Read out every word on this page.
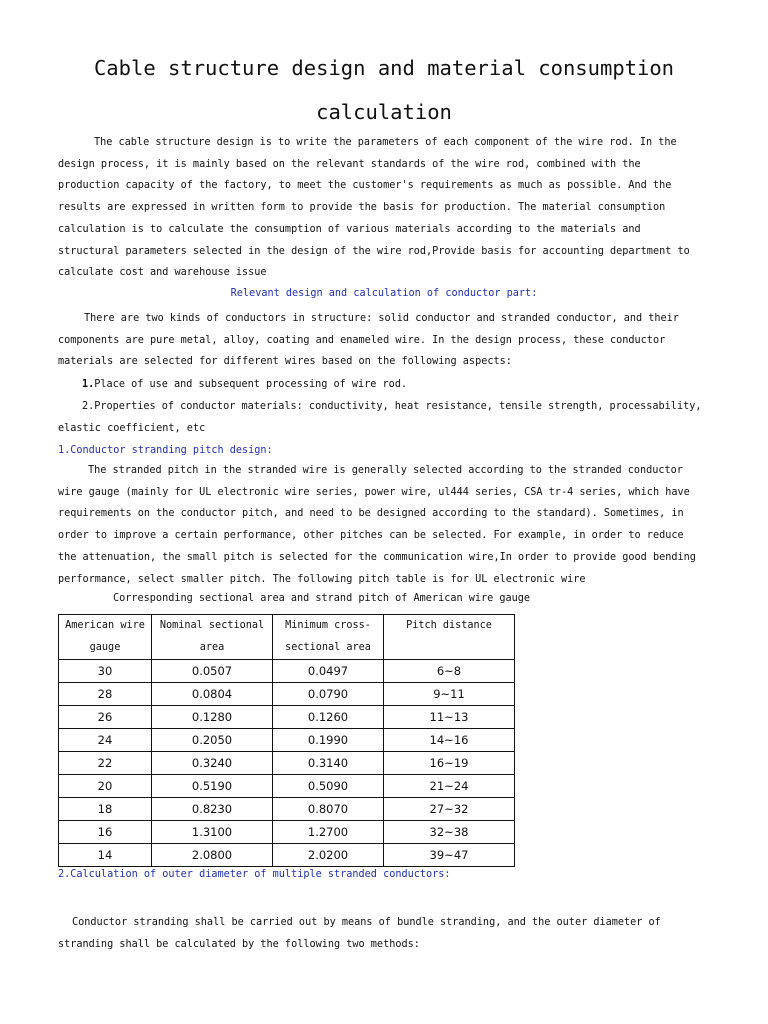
Cable structure design and material consumption
calculation

The cable structure design is to write the parameters of each component of the wire rod. In the design process, it is mainly based on the relevant standards of the wire rod, combined with the production capacity of the factory, to meet the customer's requirements as much as possible. And the results are expressed in written form to provide the basis for production. The material consumption calculation is to calculate the consumption of various materials according to the materials and structural parameters selected in the design of the wire rod,Provide basis for accounting department to calculate cost and warehouse issue

Relevant design and calculation of conductor part:

There are two kinds of conductors in structure: solid conductor and stranded conductor, and their components are pure metal, alloy, coating and enameled wire. In the design process, these conductor materials are selected for different wires based on the following aspects:

1.Place of use and subsequent processing of wire rod.

2.Properties of conductor materials: conductivity, heat resistance, tensile strength, processability, elastic coefficient, etc

1.Conductor stranding pitch design:

The stranded pitch in the stranded wire is generally selected according to the stranded conductor wire gauge (mainly for UL electronic wire series, power wire, ul444 series, CSA tr-4 series, which have requirements on the conductor pitch, and need to be designed according to the standard). Sometimes, in order to improve a certain performance, other pitches can be selected. For example, in order to reduce the attenuation, the small pitch is selected for the communication wire,In order to provide good bending performance, select smaller pitch. The following pitch table is for UL electronic wire

Corresponding sectional area and strand pitch of American wire gauge
American wire gauge	Nominal sectional area	Minimum cross-sectional area	Pitch distance
30	0.0507	0.0497	6~8
28	0.0804	0.0790	9~11
26	0.1280	0.1260	11~13
24	0.2050	0.1990	14~16
22	0.3240	0.3140	16~19
20	0.5190	0.5090	21~24
18	0.8230	0.8070	27~32
16	1.3100	1.2700	32~38
14	2.0800	2.0200	39~47
2.Calculation of outer diameter of multiple stranded conductors:

Conductor stranding shall be carried out by means of bundle stranding, and the outer diameter of stranding shall be calculated by the following two methods:
